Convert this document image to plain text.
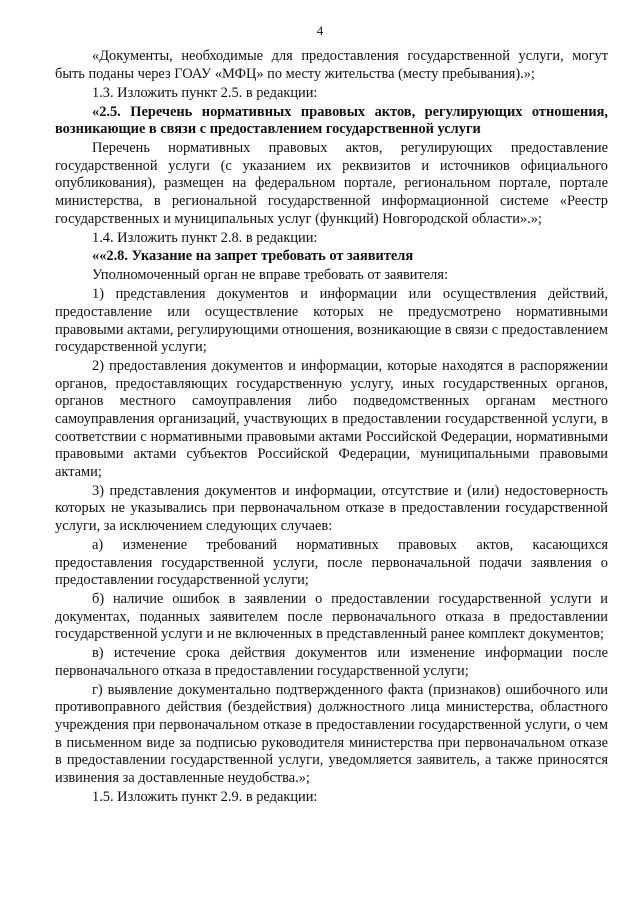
4

«Документы, необходимые для предоставления государственной услуги, могут быть поданы через ГОАУ «МФЦ» по месту жительства (месту пребывания).»;

1.3. Изложить пункт 2.5. в редакции:

«2.5. Перечень нормативных правовых актов, регулирующих отношения, возникающие в связи с предоставлением государственной услуги

Перечень нормативных правовых актов, регулирующих предоставление государственной услуги (с указанием их реквизитов и источников официального опубликования), размещен на федеральном портале, региональном портале, портале министерства, в региональной государственной информационной системе «Реестр государственных и муниципальных услуг (функций) Новгородской области».»;

1.4. Изложить пункт 2.8. в редакции:

««2.8. Указание на запрет требовать от заявителя

Уполномоченный орган не вправе требовать от заявителя:

1) представления документов и информации или осуществления действий, предоставление или осуществление которых не предусмотрено нормативными правовыми актами, регулирующими отношения, возникающие в связи с предоставлением государственной услуги;

2) предоставления документов и информации, которые находятся в распоряжении органов, предоставляющих государственную услугу, иных государственных органов, органов местного самоуправления либо подведомственных органам местного самоуправления организаций, участвующих в предоставлении государственной услуги, в соответствии с нормативными правовыми актами Российской Федерации, нормативными правовыми актами субъектов Российской Федерации, муниципальными правовыми актами;

3) представления документов и информации, отсутствие и (или) недостоверность которых не указывались при первоначальном отказе в предоставлении государственной услуги, за исключением следующих случаев:

а) изменение требований нормативных правовых актов, касающихся предоставления государственной услуги, после первоначальной подачи заявления о предоставлении государственной услуги;

б) наличие ошибок в заявлении о предоставлении государственной услуги и документах, поданных заявителем после первоначального отказа в предоставлении государственной услуги и не включенных в представленный ранее комплект документов;

в) истечение срока действия документов или изменение информации после первоначального отказа в предоставлении государственной услуги;

г) выявление документально подтвержденного факта (признаков) ошибочного или противоправного действия (бездействия) должностного лица министерства, областного учреждения при первоначальном отказе в предоставлении государственной услуги, о чем в письменном виде за подписью руководителя министерства при первоначальном отказе в предоставлении государственной услуги, уведомляется заявитель, а также приносятся извинения за доставленные неудобства.»;

1.5. Изложить пункт 2.9. в редакции:
